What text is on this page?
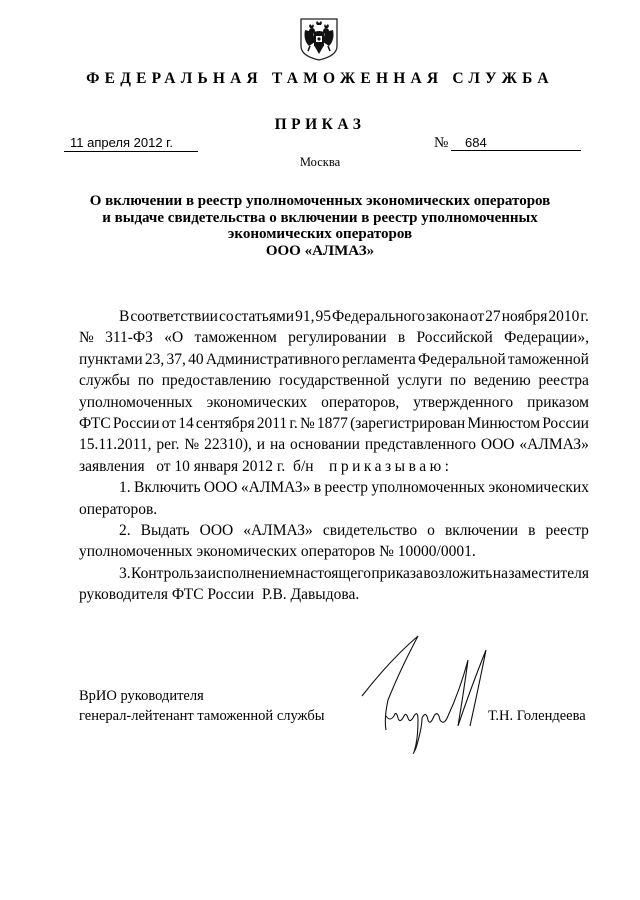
ФЕДЕРАЛЬНАЯ ТАМОЖЕННАЯ СЛУЖБА
ПРИКАЗ
11 апреля 2012 г.	№	684
Москва
О включении в реестр уполномоченных экономических операторов
и выдаче свидетельства о включении в реестр уполномоченных
экономических операторов
ООО «АЛМАЗ»
В соответствии со статьями 91, 95 Федерального закона от 27 ноября 2010 г.
№ 311-ФЗ «О таможенном регулировании в Российской Федерации»,
пунктами 23, 37, 40 Административного регламента Федеральной таможенной
службы по предоставлению государственной услуги по ведению реестра
уполномоченных экономических операторов, утвержденного приказом
ФТС России от 14 сентября 2011 г. № 1877 (зарегистрирован Минюстом России
15.11.2011, рег. № 22310), и на основании представленного ООО «АЛМАЗ»
заявления   от 10 января 2012 г.  б/н приказываю:
1. Включить ООО «АЛМАЗ» в реестр уполномоченных экономических
операторов.
2. Выдать ООО «АЛМАЗ» свидетельство о включении в реестр
уполномоченных экономических операторов № 10000/0001.
3. Контроль за исполнением настоящего приказа возложить на заместителя
руководителя ФТС России  Р.В. Давыдова.
ВрИО руководителя
генерал-лейтенант таможенной службы	Т.Н. Голендеева
